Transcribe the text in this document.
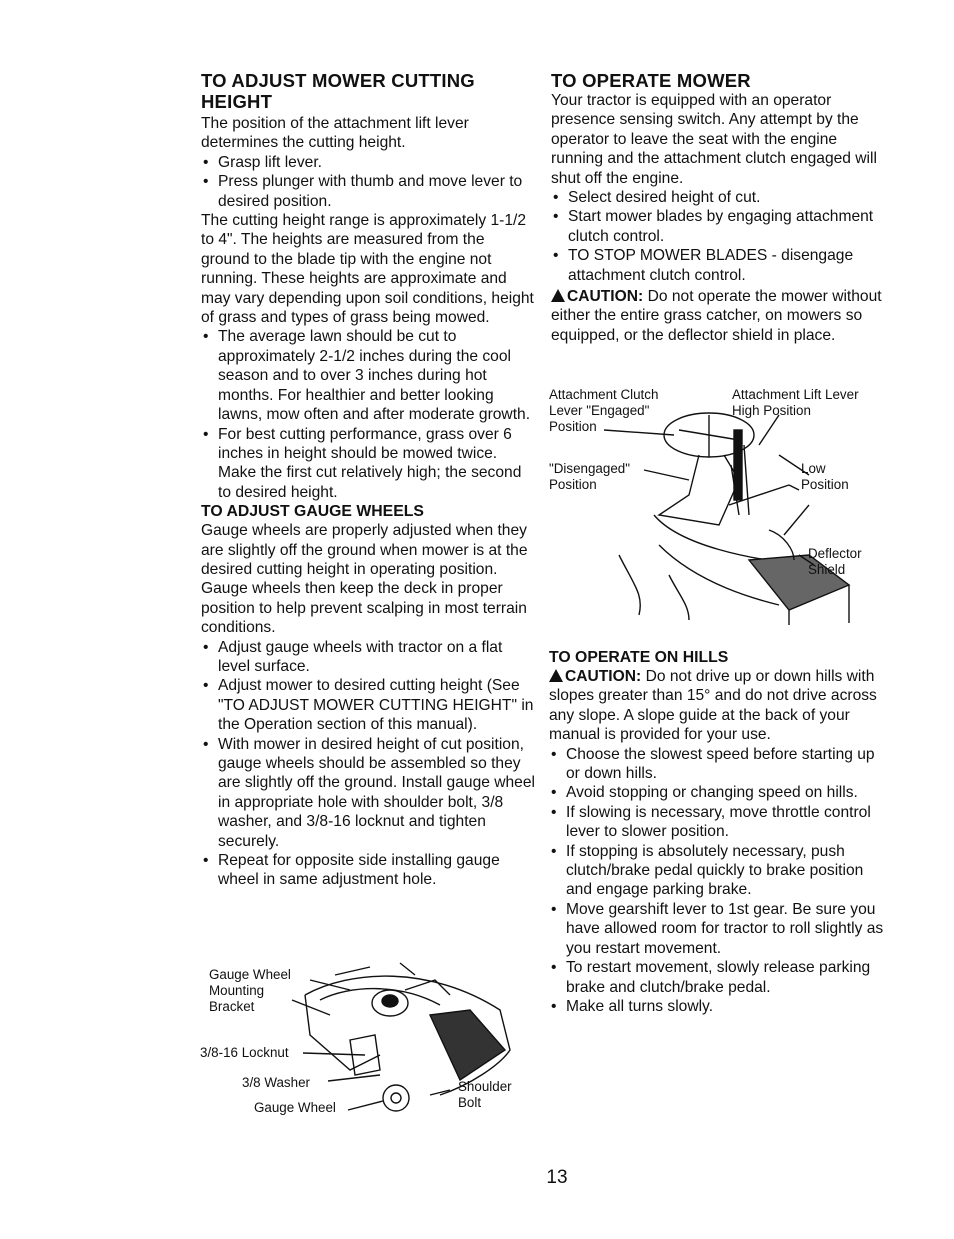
TO ADJUST MOWER CUTTING
HEIGHT

The position of the attachment lift lever determines the cutting height.

• Grasp lift lever.
• Press plunger with thumb and move lever to desired position.

The cutting height range is approximately 1-1/2 to 4". The heights are measured from the ground to the blade tip with the engine not running. These heights are approximate and may vary depending upon soil conditions, height of grass and types of grass being mowed.

• The average lawn should be cut to approximately 2-1/2 inches during the cool season and to over 3 inches during hot months. For healthier and better looking lawns, mow often and after moderate growth.
• For best cutting performance, grass over 6 inches in height should be mowed twice. Make the first cut relatively high; the second to desired height.
TO ADJUST GAUGE WHEELS

Gauge wheels are properly adjusted when they are slightly off the ground when mower is at the desired cutting height in operating position. Gauge wheels then keep the deck in proper position to help prevent scalping in most terrain conditions.

• Adjust gauge wheels with tractor on a flat level surface.
• Adjust mower to desired cutting height (See "TO ADJUST MOWER CUTTING HEIGHT" in the Operation section of this manual).
• With mower in desired height of cut position, gauge wheels should be assembled so they are slightly off the ground. Install gauge wheel in appropriate hole with shoulder bolt, 3/8 washer, and 3/8-16 locknut and tighten securely.
• Repeat for opposite side installing gauge wheel in same adjustment hole.
Gauge Wheel
Mounting
Bracket
3/8-16 Locknut
3/8 Washer
Gauge Wheel
Shoulder
Bolt
TO OPERATE MOWER

Your tractor is equipped with an operator presence sensing switch. Any attempt by the operator to leave the seat with the engine running and the attachment clutch engaged will shut off the engine.

• Select desired height of cut.
• Start mower blades by engaging attachment clutch control.
• TO STOP MOWER BLADES - disengage attachment clutch control.

CAUTION: Do not operate the mower without either the entire grass catcher, on mowers so equipped, or the deflector shield in place.

Attachment Clutch
Lever "Engaged"
Position
"Disengaged"
Position
Attachment Lift Lever
High Position
Low
Position
Deflector
Shield
TO OPERATE ON HILLS

CAUTION: Do not drive up or down hills with slopes greater than 15° and do not drive across any slope. A slope guide at the back of your manual is provided for your use.

• Choose the slowest speed before starting up or down hills.
• Avoid stopping or changing speed on hills.
• If slowing is necessary, move throttle control lever to slower position.
• If stopping is absolutely necessary, push clutch/brake pedal quickly to brake position and engage parking brake.
• Move gearshift lever to 1st gear. Be sure you have allowed room for tractor to roll slightly as you restart movement.
• To restart movement, slowly release parking brake and clutch/brake pedal.
• Make all turns slowly.
13
